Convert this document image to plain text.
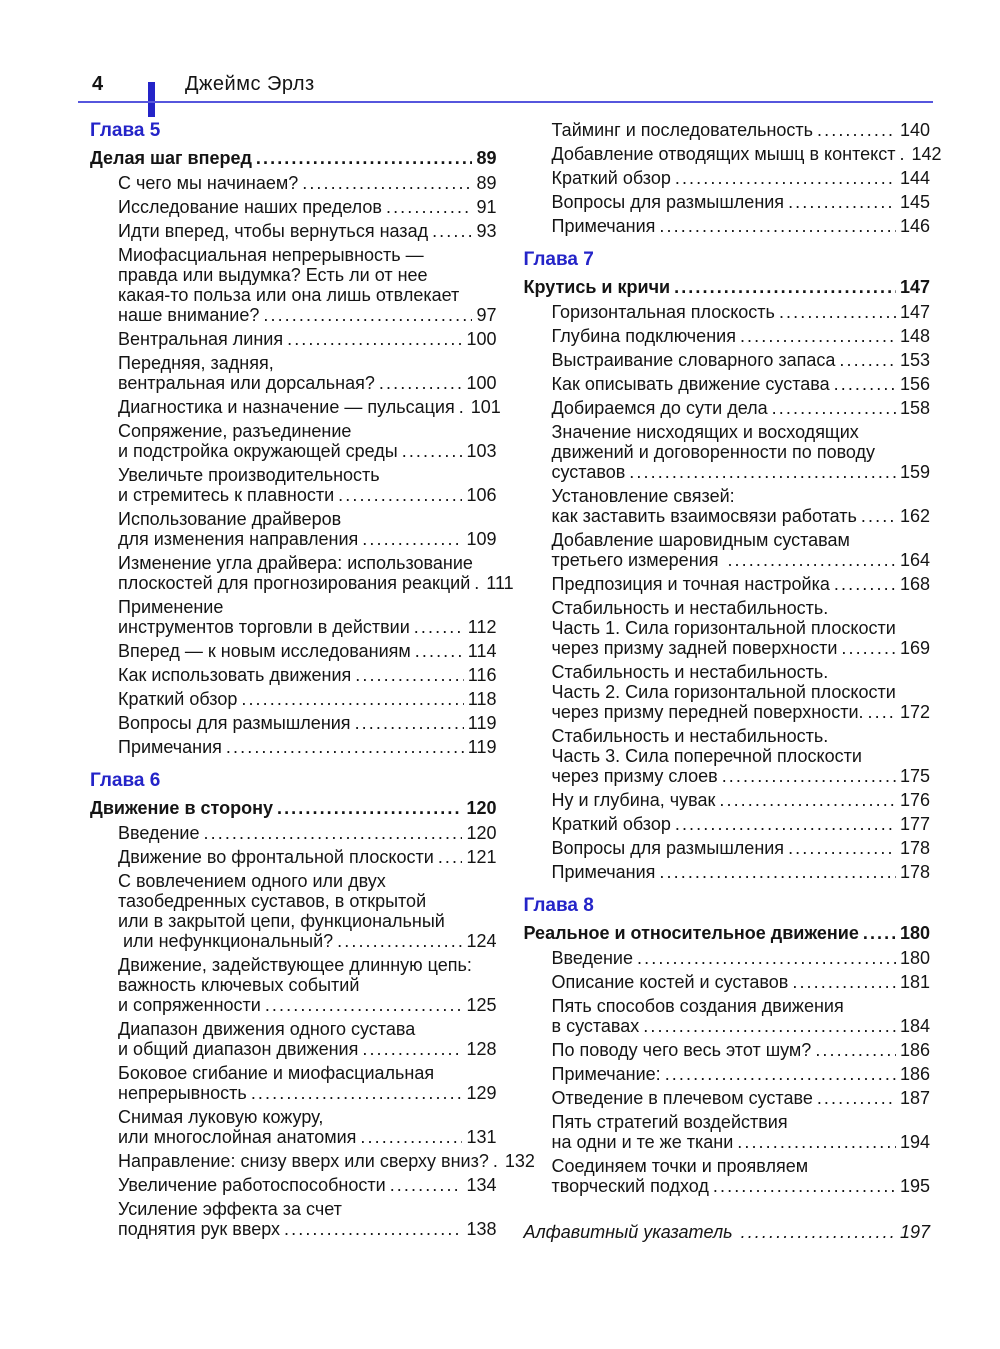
4	Джеймс Эрлз
Глава 5
Делая шаг вперед .....	89
С чего мы начинаем? .....	89
Исследование наших пределов .....	91
Идти вперед, чтобы вернуться назад .....	93
Миофасциальная непрерывность —
правда или выдумка? Есть ли от нее
какая-то польза или она лишь отвлекает
наше внимание? .....	97
Вентральная линия .....	100
Передняя, задняя,
вентральная или дорсальная? .....	100
Диагностика и назначение — пульсация ..... 101
Сопряжение, разъединение
и подстройка окружающей среды .....	103
Увеличьте производительность
и стремитесь к плавности .....	106
Использование драйверов
для изменения направления .....	109
Изменение угла драйвера: использование
плоскостей для прогнозирования реакций ..... 111
Применение
инструментов торговли в действии .....	112
Вперед — к новым исследованиям .....	114
Как использовать движения .....	116
Краткий обзор .....	118
Вопросы для размышления .....	119
Примечания .....	119
Глава 6
Движение в сторону .....	120
Введение .....	120
Движение во фронтальной плоскости ..... 121
С вовлечением одного или двух
тазобедренных суставов, в открытой
или в закрытой цепи, функциональный
или нефункциональный? .....	124
Движение, задействующее длинную цепь:
важность ключевых событий
и сопряженности .....	125
Диапазон движения одного сустава
и общий диапазон движения .....	128
Боковое сгибание и миофасциальная
непрерывность .....	129
Снимая луковую кожуру,
или многослойная анатомия .....	131
Направление: снизу вверх или сверху вниз? ..... 132
Увеличение работоспособности .....	134
Усиление эффекта за счет
поднятия рук вверх .....	138
Тайминг и последовательность .....	140
Добавление отводящих мышц в контекст ..... 142
Краткий обзор .....	144
Вопросы для размышления .....	145
Примечания .....	146
Глава 7
Крутись и кричи .....	147
Горизонтальная плоскость .....	147
Глубина подключения .....	148
Выстраивание словарного запаса .....	153
Как описывать движение сустава .....	156
Добираемся до сути дела .....	158
Значение нисходящих и восходящих
движений и договоренности по поводу
суставов .....	159
Установление связей:
как заставить взаимосвязи работать ..... 162
Добавление шаровидным суставам
третьего измерения .....	164
Предпозиция и точная настройка .....	168
Стабильность и нестабильность.
Часть 1. Сила горизонтальной плоскости
через призму задней поверхности .....	169
Стабильность и нестабильность.
Часть 2. Сила горизонтальной плоскости
через призму передней поверхности. ..... 172
Стабильность и нестабильность.
Часть 3. Сила поперечной плоскости
через призму слоев .....	175
Ну и глубина, чувак .....	176
Краткий обзор .....	177
Вопросы для размышления .....	178
Примечания .....	178
Глава 8
Реальное и относительное движение ..... 180
Введение .....	180
Описание костей и суставов .....	181
Пять способов создания движения
в суставах .....	184
По поводу чего весь этот шум? .....	186
Примечание: .....	186
Отведение в плечевом суставе .....	187
Пять стратегий воздействия
на одни и те же ткани .....	194
Соединяем точки и проявляем
творческий подход .....	195
Алфавитный указатель .....	197
